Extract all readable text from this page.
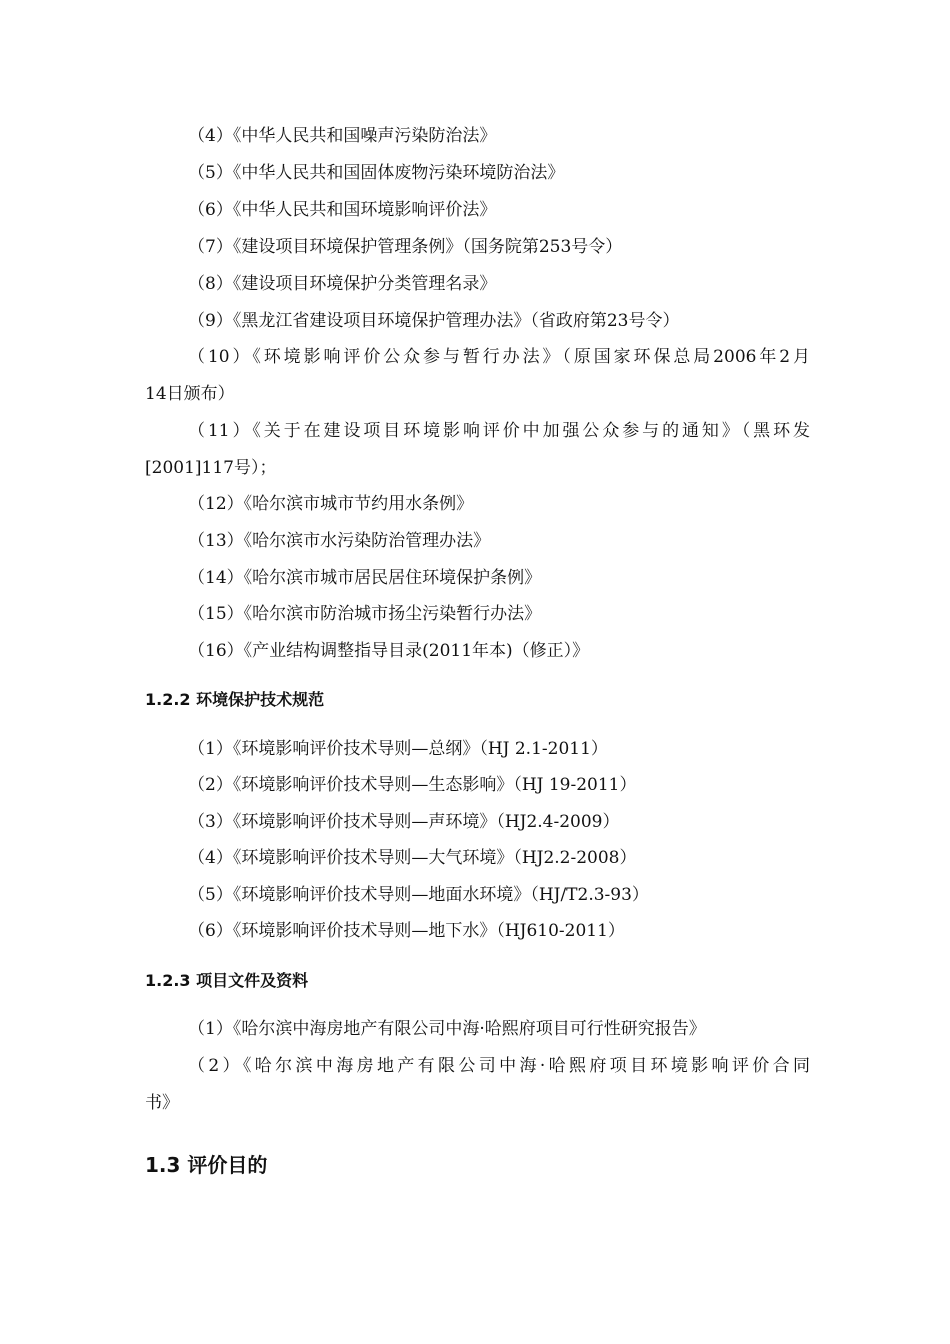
（4）《中华人民共和国噪声污染防治法》
（5）《中华人民共和国固体废物污染环境防治法》
（6）《中华人民共和国环境影响评价法》
（7）《建设项目环境保护管理条例》（国务院第253号令）
（8）《建设项目环境保护分类管理名录》
（9）《黑龙江省建设项目环境保护管理办法》（省政府第23号令）
（10）《环境影响评价公众参与暂行办法》（原国家环保总局2006年2月
14日颁布）
（11）《关于在建设项目环境影响评价中加强公众参与的通知》（黑环发
[2001]117号）；
（12）《哈尔滨市城市节约用水条例》
（13）《哈尔滨市水污染防治管理办法》
（14）《哈尔滨市城市居民居住环境保护条例》
（15）《哈尔滨市防治城市扬尘污染暂行办法》
（16）《产业结构调整指导目录(2011年本)（修正）》
1.2.2 环境保护技术规范
（1）《环境影响评价技术导则—总纲》（HJ 2.1-2011）
（2）《环境影响评价技术导则—生态影响》（HJ 19-2011）
（3）《环境影响评价技术导则—声环境》（HJ2.4-2009）
（4）《环境影响评价技术导则—大气环境》（HJ2.2-2008）
（5）《环境影响评价技术导则—地面水环境》（HJ/T2.3-93）
（6）《环境影响评价技术导则—地下水》（HJ610-2011）
1.2.3 项目文件及资料
（1）《哈尔滨中海房地产有限公司中海·哈熙府项目可行性研究报告》
（2）《哈尔滨中海房地产有限公司中海·哈熙府项目环境影响评价合同
书》
1.3 评价目的
